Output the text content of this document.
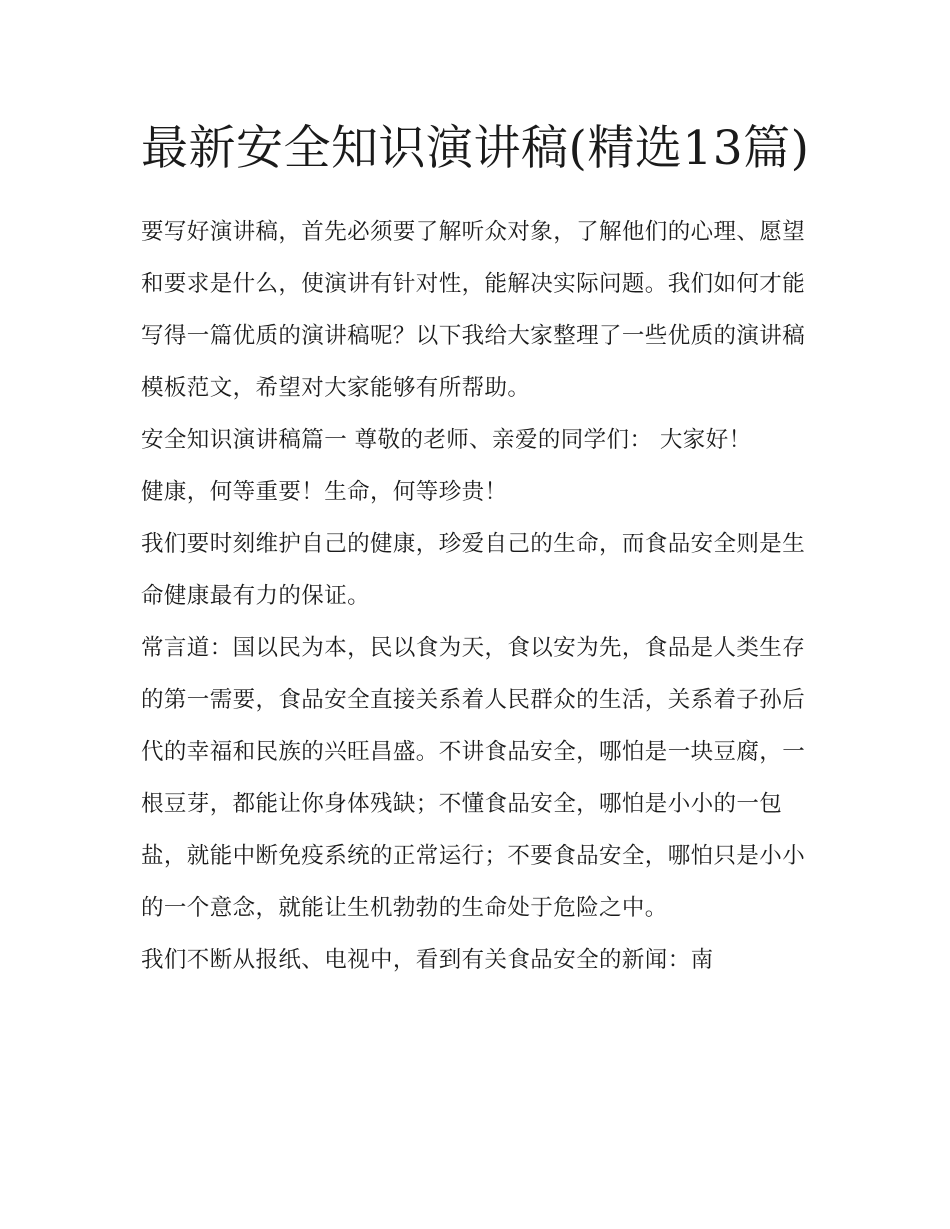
最新安全知识演讲稿(精选13篇)

要写好演讲稿，首先必须要了解听众对象，了解他们的心理、愿望和要求是什么，使演讲有针对性，能解决实际问题。我们如何才能写得一篇优质的演讲稿呢？以下我给大家整理了一些优质的演讲稿模板范文，希望对大家能够有所帮助。

安全知识演讲稿篇一 尊敬的老师、亲爱的同学们： 大家好！

健康，何等重要！生命，何等珍贵！

我们要时刻维护自己的健康，珍爱自己的生命，而食品安全则是生命健康最有力的保证。

常言道：国以民为本，民以食为天，食以安为先，食品是人类生存的第一需要，食品安全直接关系着人民群众的生活，关系着子孙后代的幸福和民族的兴旺昌盛。不讲食品安全，哪怕是一块豆腐，一根豆芽，都能让你身体残缺；不懂食品安全，哪怕是小小的一包盐，就能中断免疫系统的正常运行；不要食品安全，哪怕只是小小的一个意念，就能让生机勃勃的生命处于危险之中。

我们不断从报纸、电视中，看到有关食品安全的新闻：南
